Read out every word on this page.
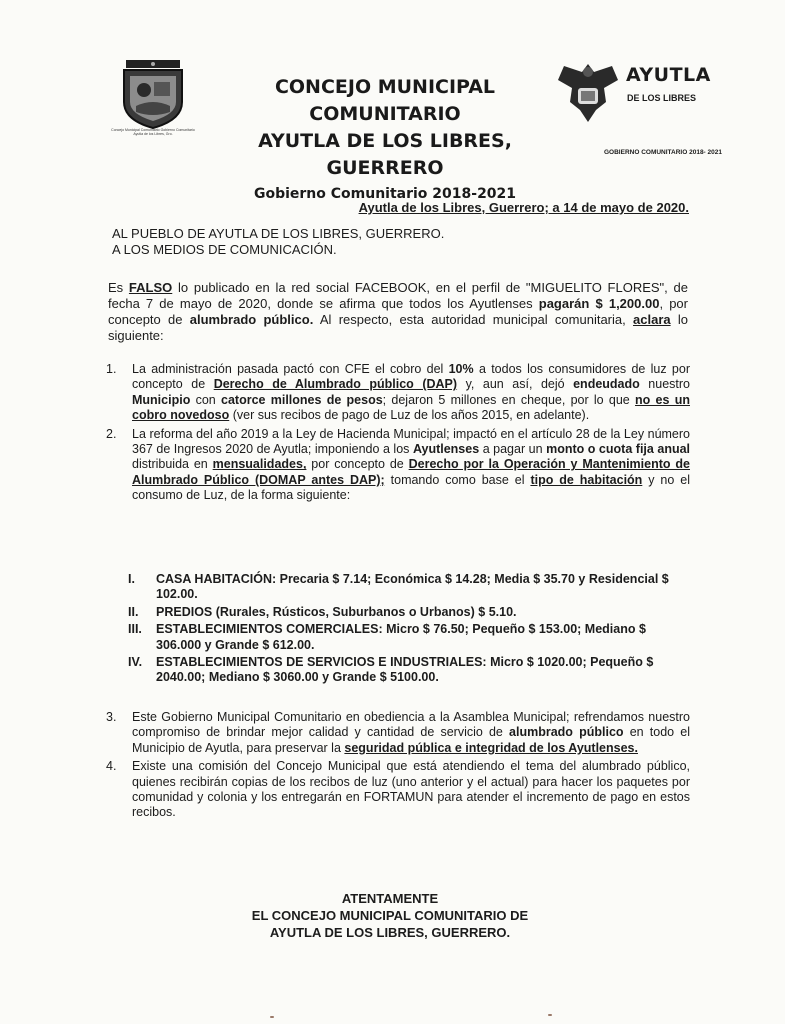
Concejo Municipal Comunitario Gobierno Comunitario Ayutla de los Libres, Gro.
CONCEJO MUNICIPAL
COMUNITARIO
AYUTLA DE LOS LIBRES, GUERRERO
Gobierno Comunitario 2018-2021
AYUTLA
DE LOS LIBRES
GOBIERNO COMUNITARIO 2018- 2021
Ayutla de los Libres, Guerrero; a 14 de mayo de 2020.
AL PUEBLO DE AYUTLA DE LOS LIBRES, GUERRERO.
A LOS MEDIOS DE COMUNICACIÓN.
Es FALSO lo publicado en la red social FACEBOOK, en el perfil de "MIGUELITO FLORES", de fecha 7 de mayo de 2020, donde se afirma que todos los Ayutlenses pagarán $ 1,200.00, por concepto de alumbrado público. Al respecto, esta autoridad municipal comunitaria, aclara lo siguiente:
1. La administración pasada pactó con CFE el cobro del 10% a todos los consumidores de luz por concepto de Derecho de Alumbrado público (DAP) y, aun así, dejó endeudado nuestro Municipio con catorce millones de pesos; dejaron 5 millones en cheque, por lo que no es un cobro novedoso (ver sus recibos de pago de Luz de los años 2015, en adelante).
2. La reforma del año 2019 a la Ley de Hacienda Municipal; impactó en el artículo 28 de la Ley número 367 de Ingresos 2020 de Ayutla; imponiendo a los Ayutlenses a pagar un monto o cuota fija anual distribuida en mensualidades, por concepto de Derecho por la Operación y Mantenimiento de Alumbrado Público (DOMAP antes DAP); tomando como base el tipo de habitación y no el consumo de Luz, de la forma siguiente:
I. CASA HABITACIÓN: Precaria $ 7.14; Económica $ 14.28; Media $ 35.70 y Residencial $ 102.00.
II. PREDIOS (Rurales, Rústicos, Suburbanos o Urbanos) $ 5.10.
III. ESTABLECIMIENTOS COMERCIALES: Micro $ 76.50; Pequeño $ 153.00; Mediano $ 306.000 y Grande $ 612.00.
IV. ESTABLECIMIENTOS DE SERVICIOS E INDUSTRIALES: Micro $ 1020.00; Pequeño $ 2040.00; Mediano $ 3060.00 y Grande $ 5100.00.
3. Este Gobierno Municipal Comunitario en obediencia a la Asamblea Municipal; refrendamos nuestro compromiso de brindar mejor calidad y cantidad de servicio de alumbrado público en todo el Municipio de Ayutla, para preservar la seguridad pública e integridad de los Ayutlenses.
4. Existe una comisión del Concejo Municipal que está atendiendo el tema del alumbrado público, quienes recibirán copias de los recibos de luz (uno anterior y el actual) para hacer los paquetes por comunidad y colonia y los entregarán en FORTAMUN para atender el incremento de pago en estos recibos.
ATENTAMENTE
EL CONCEJO MUNICIPAL COMUNITARIO DE
AYUTLA DE LOS LIBRES, GUERRERO.
